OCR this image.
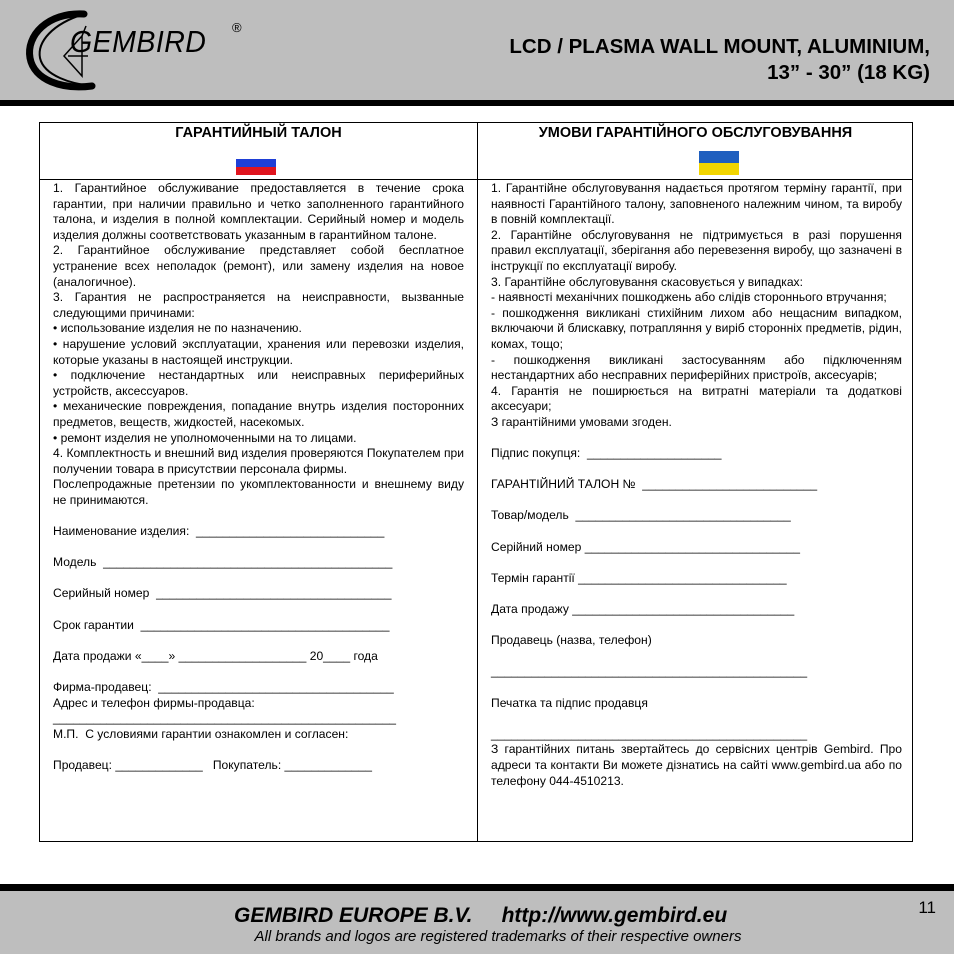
GEMBIRD ®
LCD / PLASMA WALL MOUNT, ALUMINIUM,
13” - 30” (18 KG)
ГАРАНТИЙНЫЙ ТАЛОН	УМОВИ ГАРАНТІЙНОГО ОБСЛУГОВУВАННЯ

1. Гарантийное обслуживание предоставляется в течение срока гарантии, при наличии правильно и четко заполненного гарантийного талона, и изделия в полной комплектации. Серийный номер и модель изделия должны соответствовать указанным в гарантийном талоне.

2. Гарантийное обслуживание представляет собой бесплатное устранение всех неполадок (ремонт), или замену изделия на новое (аналогичное).

3. Гарантия не распространяется на неисправности, вызванные следующими причинами:

• использование изделия не по назначению.

• нарушение условий эксплуатации, хранения или перевозки изделия, которые указаны в настоящей инструкции.

• подключение нестандартных или неисправных периферийных устройств, аксессуаров.

• механические повреждения, попадание внутрь изделия посторонних предметов, веществ, жидкостей, насекомых.

• ремонт изделия не уполномоченными на то лицами.

4. Комплектность и внешний вид изделия проверяются Покупателем при получении товара в присутствии персонала фирмы.

Послепродажные претензии по укомплектованности и внешнему виду не принимаются.

Наименование изделия:  ____________________________

Модель  ___________________________________________

Серийный номер  ___________________________________

Срок гарантии  _____________________________________

Дата продажи «____» ___________________ 20____ года

Фирма-продавец:  ___________________________________

Адрес и телефон фирмы-продавца:

___________________________________________________

М.П.  С условиями гарантии ознакомлен и согласен:

Продавец: _____________   Покупатель: _____________

1. Гарантійне обслуговування надається протягом терміну гарантії, при наявності Гарантійного талону, заповненого належним чином, та виробу в повній комплектації.

2. Гарантійне обслуговування не підтримується в разі порушення правил експлуатації, зберігання або перевезення виробу, що зазначені в інструкції по експлуатації виробу.

3. Гарантійне обслуговування скасовується у випадках:

- наявності механічних пошкоджень або слідів стороннього втручання;

- пошкодження викликані стихійним лихом або нещасним випадком, включаючи й блискавку, потрапляння у виріб сторонніх предметів, рідин, комах, тощо;

- пошкодження викликані застосуванням або підключенням нестандартних або несправних периферійних пристроїв, аксесуарів;

4. Гарантія не поширюється на витратні матеріали та додаткові аксесуари;

З гарантійними умовами згоден.

Підпис покупця:  ____________________

ГАРАНТІЙНИЙ ТАЛОН №  __________________________

Товар/модель  ________________________________

Серійний номер ________________________________

Термін гарантії _______________________________

Дата продажу _________________________________

Продавець (назва, телефон)

_______________________________________________

Печатка та підпис продавця

_______________________________________________

З гарантійних питань звертайтесь до сервісних центрів Gembird. Про адреси та контакти Ви можете дізнатись на сайті www.gembird.ua або по телефону 044-4510213.

GEMBIRD EUROPE B.V.     http://www.gembird.eu
All brands and logos are registered trademarks of their respective owners
11
